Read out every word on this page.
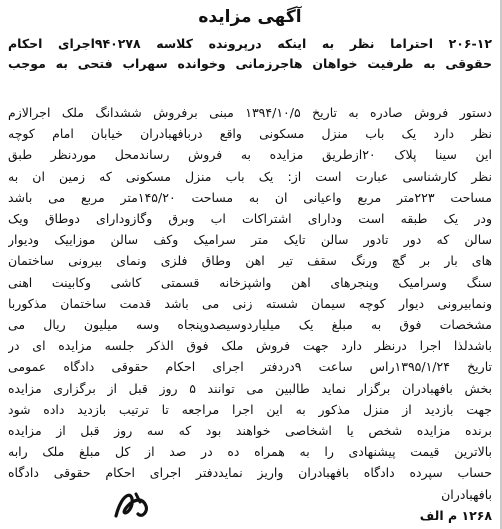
آگهی مزایده
۲۰۶-۱۲ احتراما نظر به اینکه درپرونده کلاسه ۹۴۰۲۷۸اجرای احکام
حقوقی به طرفیت خواهان هاجرزمانی وخوانده سهراب فتحی به موجب
دستور فروش صادره به تاریخ ۱۳۹۴/۱۰/۵ مبنی برفروش ششدانگ ملک اجرالازم
نظر دارد یک باب منزل مسکونی واقع دربافهبادران خیابان امام کوچه
این سینا پلاک ۲۰ازطریق مزایده به فروش رساندمحل موردنظر طبق
نظر کارشناسی عبارت است از: یک باب منزل مسکونی که زمین ان به
مساحت ۲۲۳متر مربع واعیانی ان به مساحت ۱۴۵/۲۰متر مربع می باشد
ودر یک طبقه است ودارای اشتراکات اب وبرق وگازودارای دوطاق ویک
سالن که دور تادور سالن تایک متر سرامیک وکف سالن موزاییک ودیوار
های بار بر گچ ورنگ سقف تیر اهن وطاق فلزی ونمای بیرونی ساختمان
سنگ وسرامیک وپنجرهای اهن واشپزخانه قسمتی کاشی وکابینت اهنی
ونمابیرونی دیوار کوچه سیمان شسته زنی می باشد قدمت ساختمان مذکوربا
مشخصات فوق به مبلغ یک میلیاردوسیصدوپنجاه وسه میلیون ریال می
باشدلذا اجرا درنظر دارد جهت فروش ملک فوق الذکر جلسه مزایده ای در
تاریخ ۱۳۹۵/۱/۲۴راس ساعت ۹دردفتر اجرای احکام حقوقی دادگاه عمومی
بخش بافهبادران برگزار نماید طالبین می توانند ۵ روز قبل از برگزاری مزایده
جهت بازدید از منزل مذکور به این اجرا مراجعه تا ترتیب بازدید داده شود
برنده مزایده شخص یا اشخاصی خواهند بود که سه روز قبل از مزایده
بالاترین قیمت پیشنهادی را به همراه ده در صد از کل مبلغ ملک رابه
حساب سپرده دادگاه بافهبادران واریز نمایددفتر اجرای احکام حقوقی دادگاه
بافهبادران
۱۲۶۸ م الف
